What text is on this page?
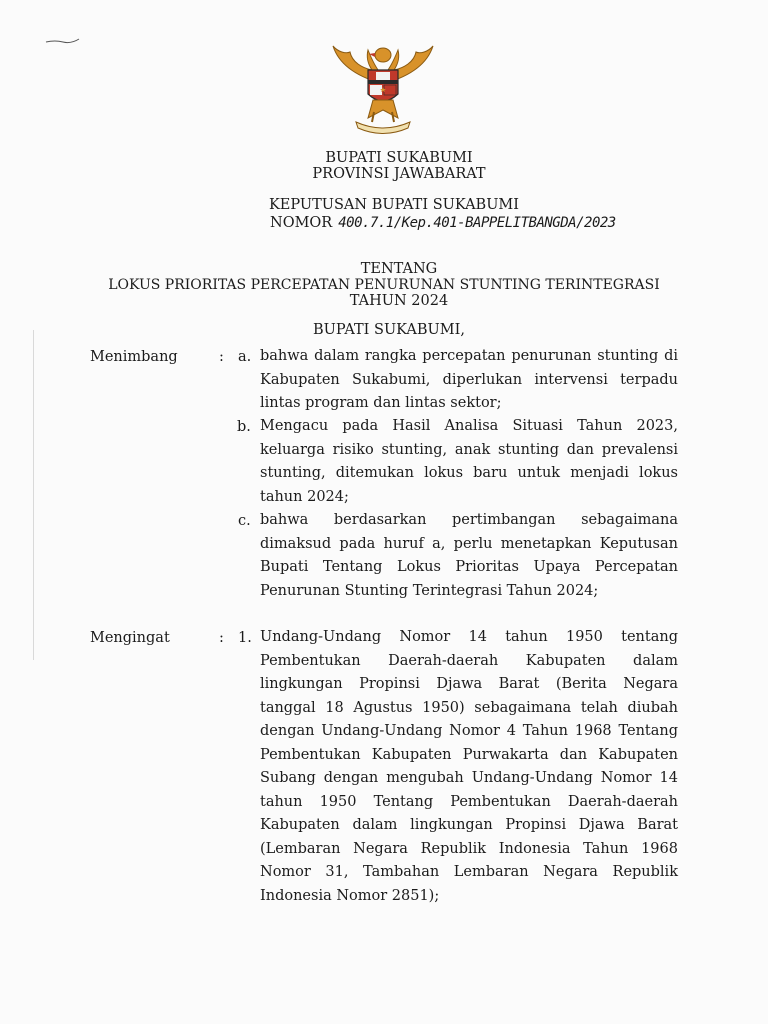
BUPATI SUKABUMI
PROVINSI JAWABARAT
KEPUTUSAN BUPATI SUKABUMI
NOMOR 400.7.1/Kep.401-BAPPELITBANGDA/2023
TENTANG
LOKUS PRIORITAS PERCEPATAN PENURUNAN STUNTING TERINTEGRASI
TAHUN 2024
BUPATI SUKABUMI,
Menimbang	: a. bahwa dalam rangka percepatan penurunan stunting di Kabupaten Sukabumi, diperlukan intervensi terpadu lintas program dan lintas sektor;
b. Mengacu pada Hasil Analisa Situasi Tahun 2023, keluarga risiko stunting, anak stunting dan prevalensi stunting, ditemukan lokus baru untuk menjadi lokus tahun 2024;
c. bahwa berdasarkan pertimbangan sebagaimana dimaksud pada huruf a, perlu menetapkan Keputusan Bupati Tentang Lokus Prioritas Upaya Percepatan Penurunan Stunting Terintegrasi Tahun 2024;
Mengingat	: 1. Undang-Undang Nomor 14 tahun 1950 tentang Pembentukan Daerah-daerah Kabupaten dalam lingkungan Propinsi Djawa Barat (Berita Negara tanggal 18 Agustus 1950) sebagaimana telah diubah dengan Undang-Undang Nomor 4 Tahun 1968 Tentang Pembentukan Kabupaten Purwakarta dan Kabupaten Subang dengan mengubah Undang-Undang Nomor 14 tahun 1950 Tentang Pembentukan Daerah-daerah Kabupaten dalam lingkungan Propinsi Djawa Barat (Lembaran Negara Republik Indonesia Tahun 1968 Nomor 31, Tambahan Lembaran Negara Republik Indonesia Nomor 2851);
